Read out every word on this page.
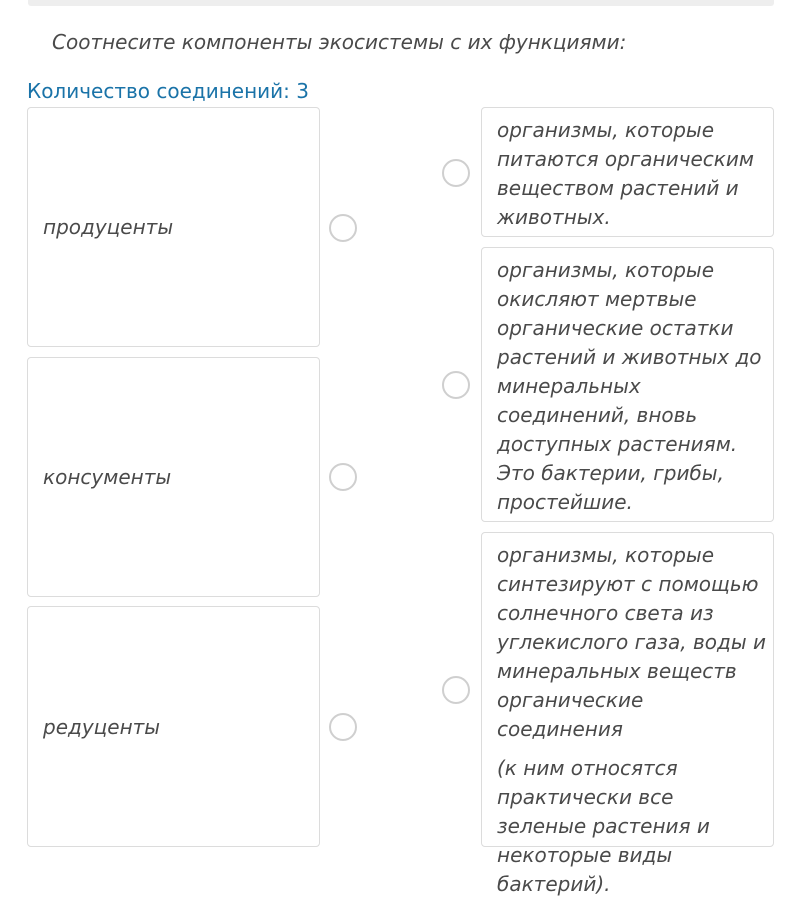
Соотнесите компоненты экосистемы с их функциями:
Количество соединений: 3
продуценты
консументы
редуценты
организмы, которые питаются органическим веществом растений и животных.
организмы, которые окисляют мертвые органические остатки растений и животных до минеральных соединений, вновь доступных растениям. Это бактерии, грибы, простейшие.
организмы, которые синтезируют с помощью солнечного света из углекислого газа, воды и минеральных веществ органические соединения
(к ним относятся практически все зеленые растения и некоторые виды бактерий).
